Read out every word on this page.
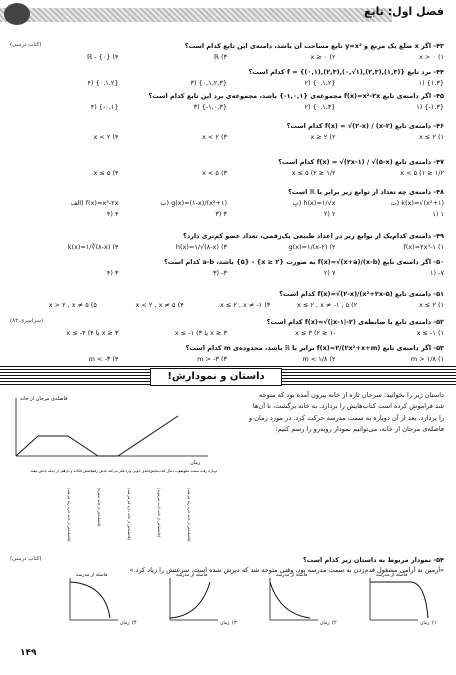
فصل اول: تابع
۴۳- اگر x ضلع یک مربع و y=x² تابع مساحت آن باشد، دامنه‌ی این تابع کدام است؟
(کتاب درسی)
x > ۰ (۱
x ≥ ۰ (۲
ℝ (۳
ℝ - {۰} (۴
۴۴- برد تابع f = {(۰,۱),(۲,۳),(۰,√۱),(۲,۳),(۱,۳)} کدام است؟
{۱,۳} (۱
{۰,۱,۲} (۲
{۰,۱,۲,۳} (۳
{۰,۱,۲} (۴
۴۵- اگر دامنه‌ی تابع f(x)=x²-۲x مجموعه‌ی {۱,۰,۱-} باشد، مجموعه‌ی برد این تابع کدام است؟
{۱,۳-} (۱
{۰,۱,۳} (۲
{۱,۰,۳-} (۳
{۰,۱-} (۴
۴۶- دامنه‌ی تابع f(x) = √(۲-x) / (x-۲) کدام است؟
x ≤ ۲ (۱
x ≥ ۲ (۲
x < ۲ (۳
x < ۲ (۴
۴۷- دامنه‌ی تابع f(x) = √(۲x-۱) / √(۵-x) کدام است؟
۱/۲ ≤ x < ۵ (۱
۱/۲ ≤ x ≤ ۵ (۲
x < ۵ (۳
x ≤ ۵ (۴
۴۸- دامنه‌ی چه تعداد از توابع زیر برابر با ℝ است؟
k(x)=√(x²+۱) (ت
h(x)=۱/√x (پ
g(x)=(۱-x)/(x²+۱) (ب
f(x)=x³-۲x (الف
۱ (۱
۲ (۲
۳ (۳
۴ (۴
۴۹- دامنه‌ی کدام‌یک از توابع زیر در اعداد طبیعی یک‌رقمی، تعداد عضو کم‌تری دارد؟
f(x)=۲x³-۱ (۱
g(x)=۱/(x-۲) (۲
h(x)=۱/√(۸-x) (۳
k(x)=۱/∛(۸-x) (۴
۵۰- اگر دامنه‌ی تابع f(x)=√(x+a)/(x-b) به صورت {x ≥ ۲} - {۵} باشد، a-b کدام است؟
۷- (۱
۷ (۲
۳- (۳
۳ (۴
۵۱- دامنه‌ی تابع f(x)=√(۲-x)/(x²+۲x-۵) کدام است؟
x ≤ ۲ (۱
x ≤ ۲ , x ≠ -۱ , ۵ (۲
x ≤ ۲ , x ≠ -۱ (۳
x < ۲ , x ≠ ۵ (۴
x > ۲ , x ≠ ۵ (۵
۵۲- دامنه‌ی تابع با ضابطه‌ی f(x)=√(|x-۱|-۲) کدام است؟
(سراسری ۸۴)
x ≤ -۱ (۱
-۱ ≤ x ≤ ۳ (۲
x ≥ ۳ یا x ≤ -۱ (۳
x ≥ ۳ یا x ≤ -۴ (۴
۵۳- اگر دامنه‌ی تابع f(x)=۲/(۲x²+x+m) برابر با ℝ باشد، محدوده‌ی m کدام است؟
m > ۱/۸ (۱
m < ۱/۸ (۲
m > -۳ (۳
m < -۳ (۴
داستان و نمودارش!
داستان زیر را بخوانید: سرجان ثازه از خانه بیرون آمده بود که متوجه شد فراموش کرده است کتاب‌هایش را بردارد. به خانه برگشت، تا آن‌ها را بردارد. بعد از آن دوباره به سمت مدرسه حرکت کرد. در مورد زمان و فاصله‌ی مرجان از خانه، می‌توانیم نمودار روبه‌رو را رسم کنیم:
فاصله‌ی مرجان از خانه
زمان
دوباره رفت سمت مدرسه
او خوب دنبال کتاب‌هایش
خانه‌ی خوبی وارد
فکر می‌کند یادش رفته
پاشش فکاده و داره
قبل از اینکه یادش بیفتد
(فاصله‌اش از خانه داره زیاد می‌شه)
(فاصله‌اش از خانه ثابت می‌مونه)
(فاصله‌اش از خانه داره کم می‌شه)
(فاصله‌اش از خانه صفره)
(فاصله‌اش از خانه داره زیاد می‌شه)
۵۴- نمودار مربوط به داستان زیر کدام است؟
(کتاب درسی)
«آرمین به آرامی مشغول قدم‌زدن به سمت مدرسه بود، وقتی متوجه شد که دیرش شده است، سرعتش را زیاد کرد.»
فاصله از مدرسه
زمان (۱
فاصله از مدرسه
زمان (۲
فاصله از مدرسه
زمان (۳
فاصله از مدرسه
زمان (۴
۱۴۹
